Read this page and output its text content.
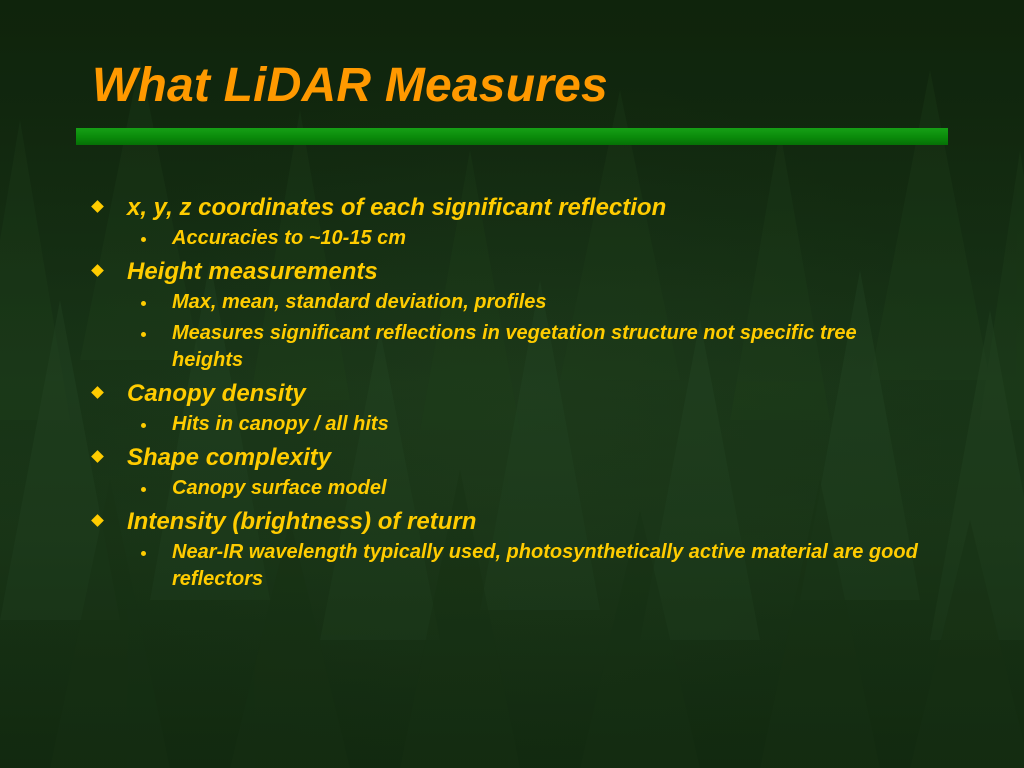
What LiDAR Measures
x, y, z coordinates of each significant reflection
Accuracies to ~10-15 cm
Height measurements
Max, mean, standard deviation, profiles
Measures significant reflections in vegetation structure not specific tree heights
Canopy density
Hits in canopy / all hits
Shape complexity
Canopy surface model
Intensity (brightness) of return
Near-IR wavelength typically used, photosynthetically active material are good reflectors
